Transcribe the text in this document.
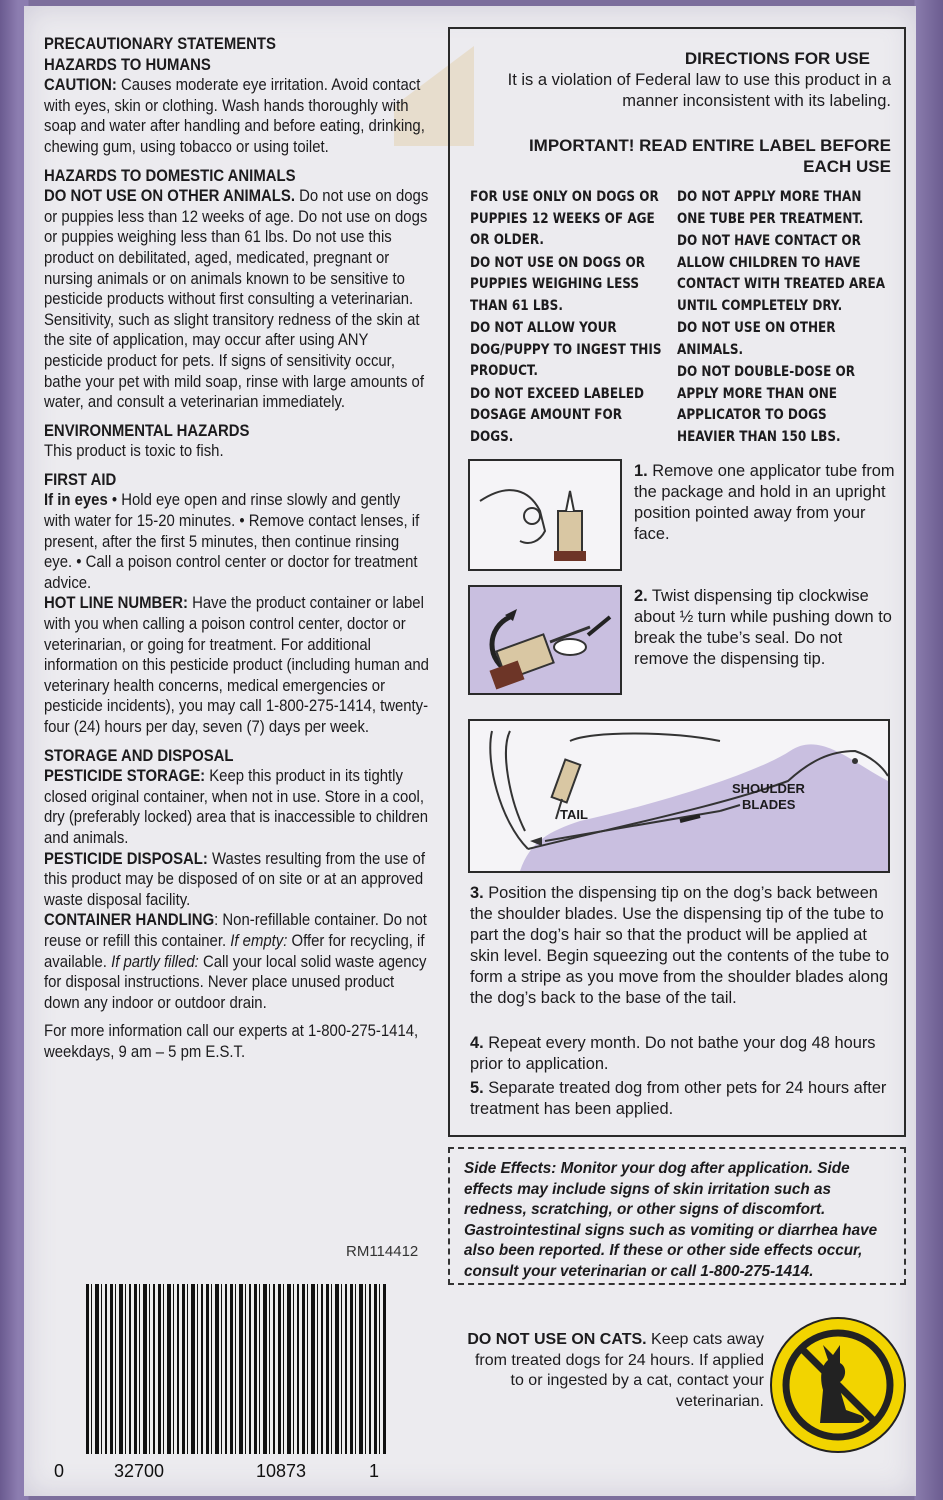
PRECAUTIONARY STATEMENTS

HAZARDS TO HUMANS

CAUTION: Causes moderate eye irritation. Avoid contact with eyes, skin or clothing. Wash hands thoroughly with soap and water after handling and before eating, drinking, chewing gum, using tobacco or using toilet.

HAZARDS TO DOMESTIC ANIMALS

DO NOT USE ON OTHER ANIMALS. Do not use on dogs or puppies less than 12 weeks of age. Do not use on dogs or puppies weighing less than 61 lbs. Do not use this product on debilitated, aged, medicated, pregnant or nursing animals or on animals known to be sensitive to pesticide products without first consulting a veterinarian. Sensitivity, such as slight transitory redness of the skin at the site of application, may occur after using ANY pesticide product for pets. If signs of sensitivity occur, bathe your pet with mild soap, rinse with large amounts of water, and consult a veterinarian immediately.

ENVIRONMENTAL HAZARDS

This product is toxic to fish.

FIRST AID

If in eyes • Hold eye open and rinse slowly and gently with water for 15-20 minutes. • Remove contact lenses, if present, after the first 5 minutes, then continue rinsing eye. • Call a poison control center or doctor for treatment advice.

HOT LINE NUMBER: Have the product container or label with you when calling a poison control center, doctor or veterinarian, or going for treatment. For additional information on this pesticide product (including human and veterinary health concerns, medical emergencies or pesticide incidents), you may call 1-800-275-1414, twenty-four (24) hours per day, seven (7) days per week.

STORAGE AND DISPOSAL

PESTICIDE STORAGE: Keep this product in its tightly closed original container, when not in use. Store in a cool, dry (preferably locked) area that is inaccessible to children and animals.

PESTICIDE DISPOSAL: Wastes resulting from the use of this product may be disposed of on site or at an approved waste disposal facility.

CONTAINER HANDLING: Non-refillable container. Do not reuse or refill this container. If empty: Offer for recycling, if available. If partly filled: Call your local solid waste agency for disposal instructions. Never place unused product down any indoor or outdoor drain.

For more information call our experts at 1-800-275-1414, weekdays, 9 am – 5 pm E.S.T.

RM114412
0	32700	10873	1
DIRECTIONS FOR USE
It is a violation of Federal law to use this product in a manner inconsistent with its labeling.
IMPORTANT! READ ENTIRE LABEL BEFORE EACH USE

FOR USE ONLY ON DOGS OR PUPPIES 12 WEEKS OF AGE OR OLDER.

DO NOT USE ON DOGS OR PUPPIES WEIGHING LESS THAN 61 LBS.

DO NOT ALLOW YOUR DOG/PUPPY TO INGEST THIS PRODUCT.

DO NOT EXCEED LABELED DOSAGE AMOUNT FOR DOGS.

DO NOT APPLY MORE THAN ONE TUBE PER TREATMENT.

DO NOT HAVE CONTACT OR ALLOW CHILDREN TO HAVE CONTACT WITH TREATED AREA UNTIL COMPLETELY DRY.

DO NOT USE ON OTHER ANIMALS.

DO NOT DOUBLE-DOSE OR APPLY MORE THAN ONE APPLICATOR TO DOGS HEAVIER THAN 150 LBS.

1. Remove one applicator tube from the package and hold in an upright position pointed away from your face.
2. Twist dispensing tip clockwise about ½ turn while pushing down to break the tube’s seal. Do not remove the dispensing tip.
TAIL
SHOULDER
BLADES
3. Position the dispensing tip on the dog’s back between the shoulder blades. Use the dispensing tip of the tube to part the dog’s hair so that the product will be applied at skin level. Begin squeezing out the contents of the tube to form a stripe as you move from the shoulder blades along the dog’s back to the base of the tail.
4. Repeat every month. Do not bathe your dog 48 hours prior to application.
5. Separate treated dog from other pets for 24 hours after treatment has been applied.
Side Effects: Monitor your dog after application. Side effects may include signs of skin irritation such as redness, scratching, or other signs of discomfort. Gastrointestinal signs such as vomiting or diarrhea have also been reported. If these or other side effects occur, consult your veterinarian or call 1-800-275-1414.
DO NOT USE ON CATS. Keep cats away from treated dogs for 24 hours. If applied to or ingested by a cat, contact your veterinarian.
